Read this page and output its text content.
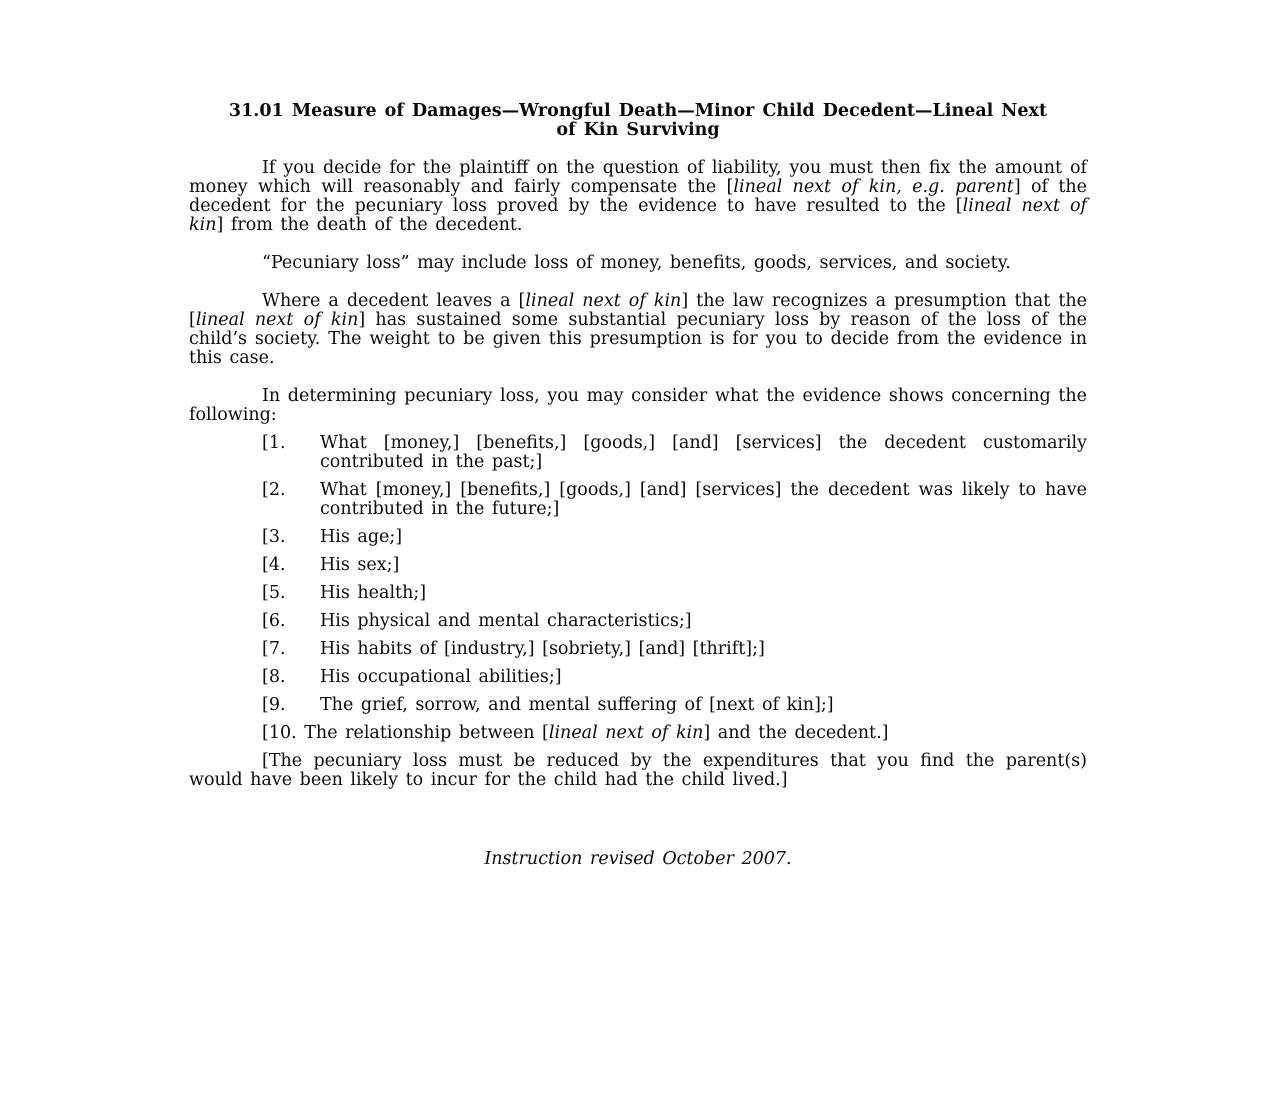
31.01 Measure of Damages—Wrongful Death—Minor Child Decedent—Lineal Next
of Kin Surviving
If you decide for the plaintiff on the question of liability, you must then fix the amount of money which will reasonably and fairly compensate the [lineal next of kin, e.g. parent] of the decedent for the pecuniary loss proved by the evidence to have resulted to the [lineal next of kin] from the death of the decedent.
“Pecuniary loss” may include loss of money, benefits, goods, services, and society.
Where a decedent leaves a [lineal next of kin] the law recognizes a presumption that the [lineal next of kin] has sustained some substantial pecuniary loss by reason of the loss of the child’s society. The weight to be given this presumption is for you to decide from the evidence in this case.
In determining pecuniary loss, you may consider what the evidence shows concerning the following:
[1.	What [money,] [benefits,] [goods,] [and] [services] the decedent customarily contributed in the past;]
[2.	What [money,] [benefits,] [goods,] [and] [services] the decedent was likely to have contributed in the future;]
[3.	His age;]
[4.	His sex;]
[5.	His health;]
[6.	His physical and mental characteristics;]
[7.	His habits of [industry,] [sobriety,] [and] [thrift];]
[8.	His occupational abilities;]
[9.	The grief, sorrow, and mental suffering of [next of kin];]
[10. The relationship between [lineal next of kin] and the decedent.]
[The pecuniary loss must be reduced by the expenditures that you find the parent(s) would have been likely to incur for the child had the child lived.]
Instruction revised October 2007.
